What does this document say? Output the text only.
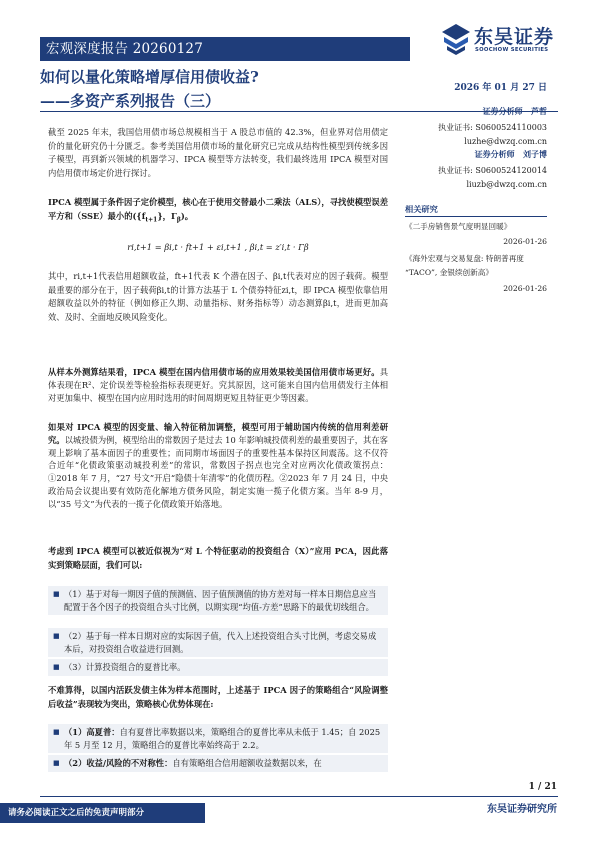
宏观深度报告 20260127
东吴证券
SOOCHOW SECURITIES
如何以量化策略增厚信用债收益?
——多资产系列报告（三）
2026 年 01 月 27 日
证券分析师 芦哲
执业证书: S0600524110003
luzhe@dwzq.com.cn
证券分析师 刘子博
执业证书: S0600524120014
liuzb@dwzq.com.cn
相关研究
《二手房销售景气度明显回暖》
2026-01-26
《海外宏观与交易复盘: 特朗普再度
“TACO”, 金银续创新高》
2026-01-26
截至 2025 年末，我国信用债市场总规模相当于 A 股总市值的 42.3%，但业界对信用债定价的量化研究仍十分匮乏。参考美国信用债市场的量化研究已完成从结构性模型到传统多因子模型，再到新兴领域的机器学习、IPCA 模型等方法转变，我们最终选用 IPCA 模型对国内信用债市场定价进行探讨。
IPCA 模型属于条件因子定价模型，核心在于使用交替最小二乘法（ALS），寻找使模型误差平方和（SSE）最小的($\{f_{t+1}\}$，$\Gamma_\beta$)。
ri,t+1 = βi,t · ft+1 + εi,t+1 , βi,t = z′i,t · Γβ
其中，ri,t+1代表信用超额收益，ft+1代表 K 个潜在因子、βi,t代表对应的因子载荷。模型最重要的部分在于，因子载荷βi,t的计算方法基于 L 个债券特征zi,t，即 IPCA 模型依靠信用超额收益以外的特征（例如修正久期、动量指标、财务指标等）动态测算βi,t，进而更加高效、及时、全面地反映风险变化。
从样本外测算结果看，IPCA 模型在国内信用债市场的应用效果较美国信用债市场更好。具体表现在R²、定价误差等检验指标表现更好。究其原因，这可能来自国内信用债发行主体相对更加集中、模型在国内应用时选用的时间周期更短且特征更少等因素。
如果对 IPCA 模型的因变量、输入特征稍加调整，模型可用于辅助国内传统的信用利差研究。以城投债为例，模型给出的常数因子是过去 10 年影响城投债利差的最重要因子，其在客观上影响了基本面因子的重要性；而同期市场面因子的重要性基本保持区间震荡。这不仅符合近年“化债政策驱动城投利差”的常识，常数因子拐点也完全对应两次化债政策拐点：①2018 年 7 月，“27 号文”开启“隐债十年清零”的化债历程。②2023 年 7 月 24 日，中央政治局会议提出要有效防范化解地方债务风险，制定实施一揽子化债方案。当年 8-9 月，以“35 号文”为代表的一揽子化债政策开始落地。
考虑到 IPCA 模型可以被近似视为“对 L 个特征驱动的投资组合（X）”应用 PCA，因此落实到策略层面，我们可以:
■ （1）基于对每一期因子值的预测值、因子值预测值的协方差对每一样本日期信息应当配置于各个因子的投资组合头寸比例，以期实现“均值-方差”思路下的最优切线组合。
■ （2）基于每一样本日期对应的实际因子值，代入上述投资组合头寸比例，考虑交易成本后，对投资组合收益进行回测。
■ （3）计算投资组合的夏普比率。
不难算得，以国内活跃发债主体为样本范围时，上述基于 IPCA 因子的策略组合“风险调整后收益”表现较为突出，策略核心优势体现在:
■ （1）高夏普：自有夏普比率数据以来，策略组合的夏普比率从未低于 1.45；自 2025 年 5 月至 12 月，策略组合的夏普比率始终高于 2.2。
■ （2）收益/风险的不对称性：自有策略组合信用超额收益数据以来，在
1 / 21
东吴证券研究所
请务必阅读正文之后的免责声明部分
